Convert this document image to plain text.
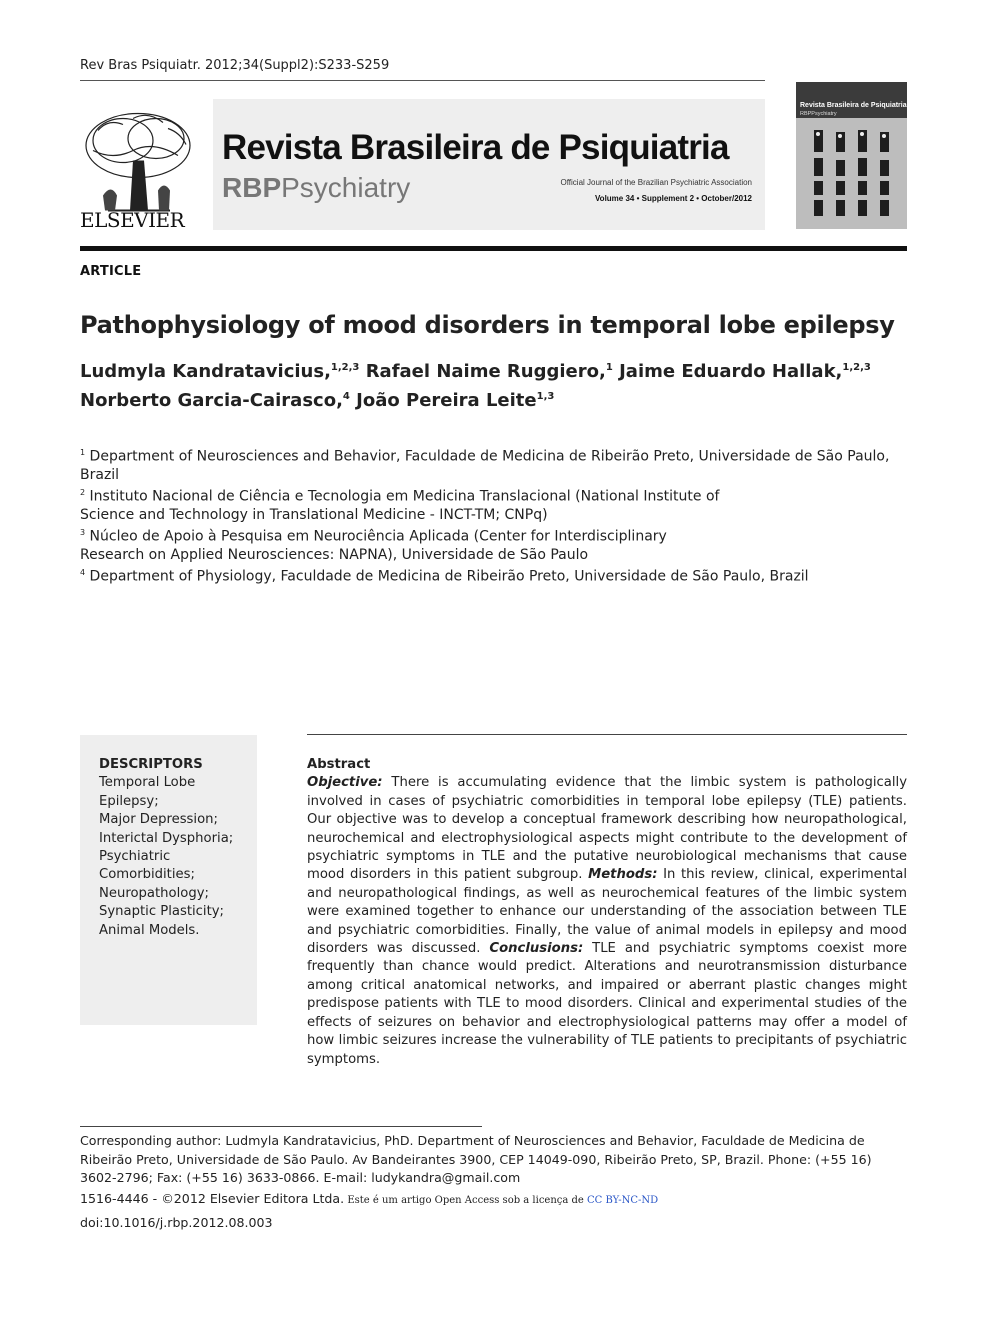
Rev Bras Psiquiatr. 2012;34(Suppl2):S233-S259
ELSEVIER
Revista Brasileira de Psiquiatria
RBPPsychiatry	Official Journal of the Brazilian Psychiatric Association
Volume 34 • Supplement 2 • October/2012
Revista Brasileira de Psiquiatria
RBPPsychiatry
ARTICLE
Pathophysiology of mood disorders in temporal lobe epilepsy
Ludmyla Kandratavicius,$^{1,2,3}$ Rafael Naime Ruggiero,$^1$ Jaime Eduardo Hallak,$^{1,2,3}$
Norberto Garcia-Cairasco,$^4$ João Pereira Leite$^{1,3}$

$^1$ Department of Neurosciences and Behavior, Faculdade de Medicina de Ribeirão Preto, Universidade de São Paulo, Brazil

$^2$ Instituto Nacional de Ciência e Tecnologia em Medicina Translacional (National Institute of
Science and Technology in Translational Medicine - INCT-TM; CNPq)

$^3$ Núcleo de Apoio à Pesquisa em Neurociência Aplicada (Center for Interdisciplinary
Research on Applied Neurosciences: NAPNA), Universidade de São Paulo

$^4$ Department of Physiology, Faculdade de Medicina de Ribeirão Preto, Universidade de São Paulo, Brazil

DESCRIPTORS
Temporal Lobe Epilepsy;
Major Depression;
Interictal Dysphoria;
Psychiatric
Comorbidities;
Neuropathology;
Synaptic Plasticity;
Animal Models.
Abstract
Objective: There is accumulating evidence that the limbic system is pathologically involved in cases of psychiatric comorbidities in temporal lobe epilepsy (TLE) patients. Our objective was to develop a conceptual framework describing how neuropathological, neurochemical and electrophysiological aspects might contribute to the development of psychiatric symptoms in TLE and the putative neurobiological mechanisms that cause mood disorders in this patient subgroup. Methods: In this review, clinical, experimental and neuropathological findings, as well as neurochemical features of the limbic system were examined together to enhance our understanding of the association between TLE and psychiatric comorbidities. Finally, the value of animal models in epilepsy and mood disorders was discussed. Conclusions: TLE and psychiatric symptoms coexist more frequently than chance would predict. Alterations and neurotransmission disturbance among critical anatomical networks, and impaired or aberrant plastic changes might predispose patients with TLE to mood disorders. Clinical and experimental studies of the effects of seizures on behavior and electrophysiological patterns may offer a model of how limbic seizures increase the vulnerability of TLE patients to precipitants of psychiatric symptoms.
Corresponding author: Ludmyla Kandratavicius, PhD. Department of Neurosciences and Behavior, Faculdade de Medicina de Ribeirão Preto, Universidade de São Paulo. Av Bandeirantes 3900, CEP 14049-090, Ribeirão Preto, SP, Brazil. Phone: (+55 16) 3602-2796; Fax: (+55 16) 3633-0866. E-mail: ludykandra@gmail.com
1516-4446 - ©2012 Elsevier Editora Ltda. Este é um artigo Open Access sob a licença de CC BY-NC-ND
doi:10.1016/j.rbp.2012.08.003
